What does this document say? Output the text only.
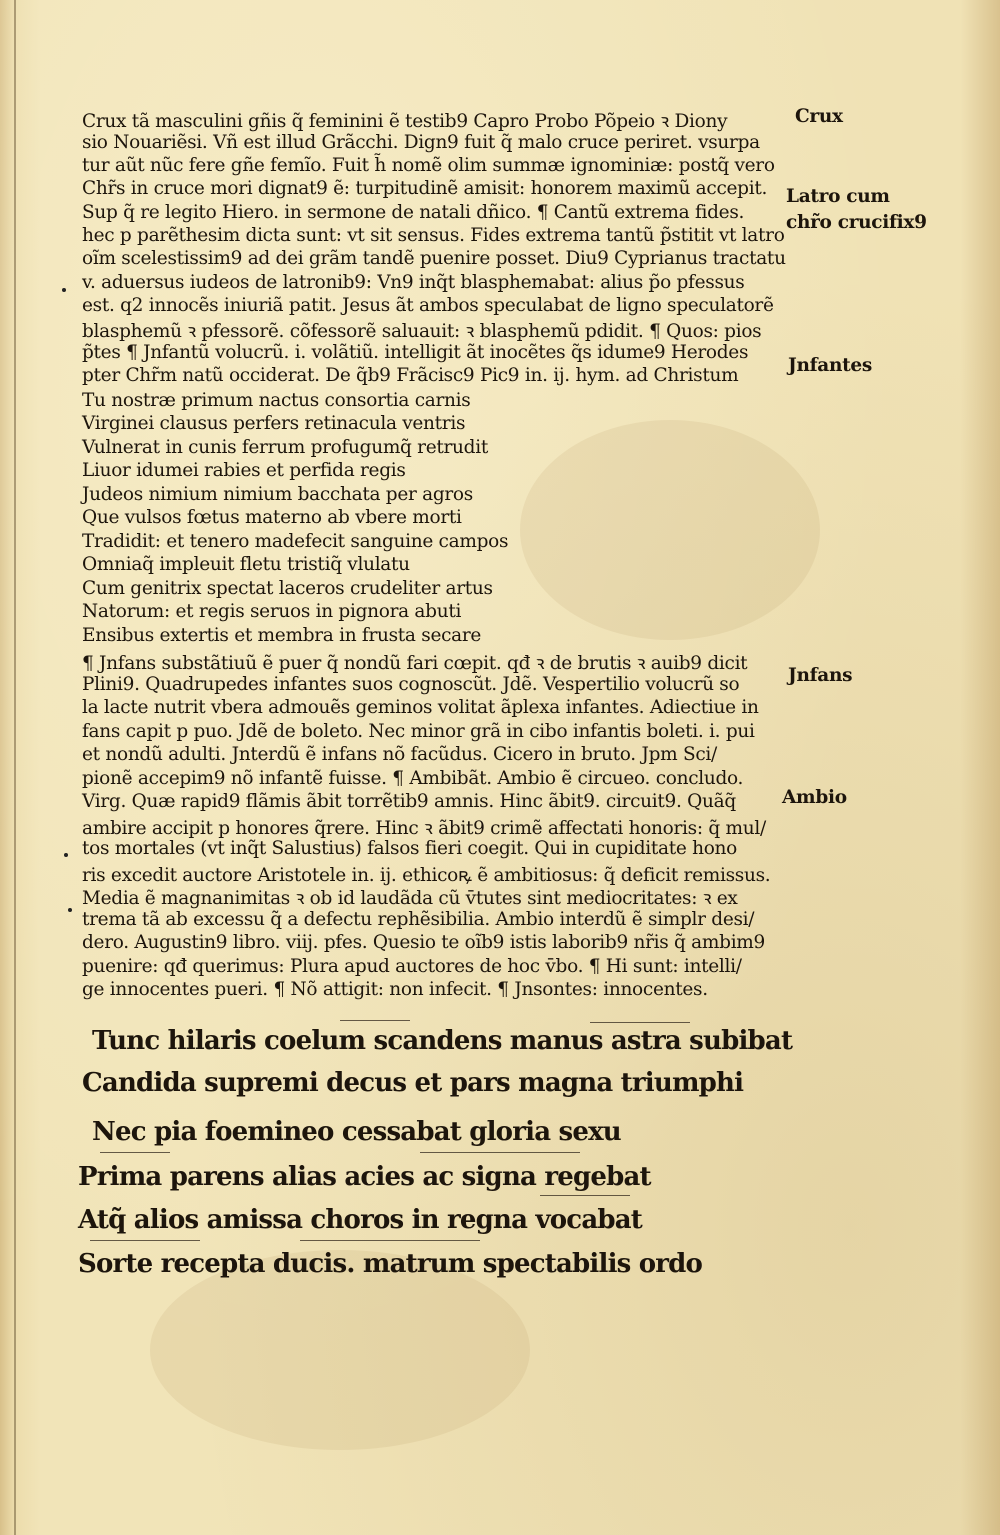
Crux tã masculini gñis q̃ feminini ẽ testib9 Capro Probo Põpeio ꝛ Diony
sio Nouariẽsi. Vñ est illud Grãcchi. Dign9 fuit q̃ malo cruce periret. vsurpa
tur aũt nũc fere gñe femĩo. Fuit h̃ nomẽ olim summæ ignominiæ: postq̃ vero
Chr̃s in cruce mori dignat9 ẽ: turpitudinẽ amisit: honorem maximũ accepit.
Sup q̃ re legito Hiero. in sermone de natali dñico. ¶ Cantũ extrema fides.
hec p parẽthesim dicta sunt: vt sit sensus. Fides extrema tantũ p̃stitit vt latro
oĩm scelestissim9 ad dei grãm tandẽ puenire posset. Diu9 Cyprianus tractatu
v. aduersus iudeos de latronib9: Vn9 inq̃t blasphemabat: alius p̃o pfessus
est. q2 innocẽs iniuriã patit. Jesus ãt ambos speculabat de ligno speculatorẽ
blasphemũ ꝛ pfessorẽ. cõfessorẽ saluauit: ꝛ blasphemũ pdidit. ¶ Quos: pios
p̃tes ¶ Jnfantũ volucrũ. i. volãtiũ. intelligit ãt inocẽtes q̃s idume9 Herodes
pter Chr̃m natũ occiderat. De q̃b9 Frãcisc9 Pic9 in. ij. hym. ad Christum
Tu nostræ primum nactus consortia carnis
Virginei clausus perfers retinacula ventris
Vulnerat in cunis ferrum profugumq̃ retrudit
Liuor idumei rabies et perfida regis
Judeos nimium nimium bacchata per agros
Que vulsos fœtus materno ab vbere morti
Tradidit: et tenero madefecit sanguine campos
Omniaq̃ impleuit fletu tristiq̃ vlulatu
Cum genitrix spectat laceros crudeliter artus
Natorum: et regis seruos in pignora abuti
Ensibus extertis et membra in frusta secare
¶ Jnfans substãtiuũ ẽ puer q̃ nondũ fari cœpit. qđ ꝛ de brutis ꝛ auib9 dicit
Plini9. Quadrupedes infantes suos cognoscũt. Jdẽ. Vespertilio volucrũ so
la lacte nutrit vbera admouẽs geminos volitat ãplexa infantes. Adiectiue in
fans capit p puo. Jdẽ de boleto. Nec minor grã in cibo infantis boleti. i. pui
et nondũ adulti. Jnterdũ ẽ infans nõ facũdus. Cicero in bruto. Jpm Sci/
pionẽ accepim9 nõ infantẽ fuisse. ¶ Ambibãt. Ambio ẽ circueo. concludo.
Virg. Quæ rapid9 flãmis ãbit torrẽtib9 amnis. Hinc ãbit9. circuit9. Quãq̃
ambire accipit p honores q̃rere. Hinc ꝛ ãbit9 crimẽ affectati honoris: q̃ mul/
tos mortales (vt inq̃t Salustius) falsos fieri coegit. Qui in cupiditate hono
ris excedit auctore Aristotele in. ij. ethicoꝶ ẽ ambitiosus: q̃ deficit remissus.
Media ẽ magnanimitas ꝛ ob id laudãda cũ v̄tutes sint mediocritates: ꝛ ex
trema tã ab excessu q̃ a defectu rephẽsibilia. Ambio interdũ ẽ simplr desi/
dero. Augustin9 libro. viij. pfes. Quesio te oĩb9 istis laborib9 nr̃is q̃ ambim9
puenire: qđ querimus: Plura apud auctores de hoc v̄bo. ¶ Hi sunt: intelli/
ge innocentes pueri. ¶ Nõ attigit: non infecit. ¶ Jnsontes: innocentes.
Tunc hilaris coelum scandens manus astra subibat
Candida supremi decus et pars magna triumphi
Nec pia foemineo cessabat gloria sexu
Prima parens alias acies ac signa regebat
Atq̃ alios amissa choros in regna vocabat
Sorte recepta ducis. matrum spectabilis ordo
Crux
Latro cum
chr̃o crucifix9
Jnfantes
Jnfans
Ambio
